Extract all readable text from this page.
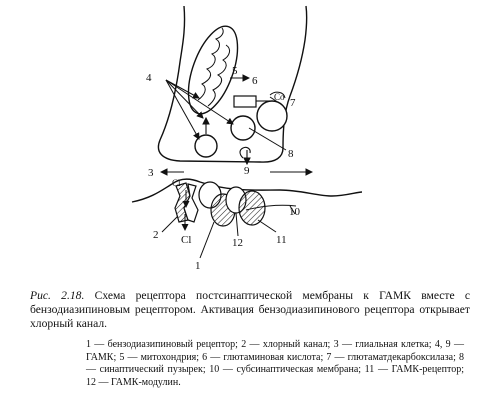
4
5
6
Co 7
8
9
3
Cl
2 Cl
1
12	11
10
Рис. 2.18. Схема рецептора постсинаптической мембраны к ГАМК вместе с бензодиазипиновым рецептором. Активация бензодиазипинового рецептора открывает хлорный канал.
1 — бензодиазипиновый рецептор; 2 — хлорный канал; 3 — глиальная клетка; 4, 9 — ГАМК; 5 — митохондрия; 6 — глютаминовая кислота; 7 — глютаматдекарбоксилаза; 8 — синаптический пузырек; 10 — субсинаптическая мембрана; 11 — ГАМК-рецептор; 12 — ГАМК-модулин.
